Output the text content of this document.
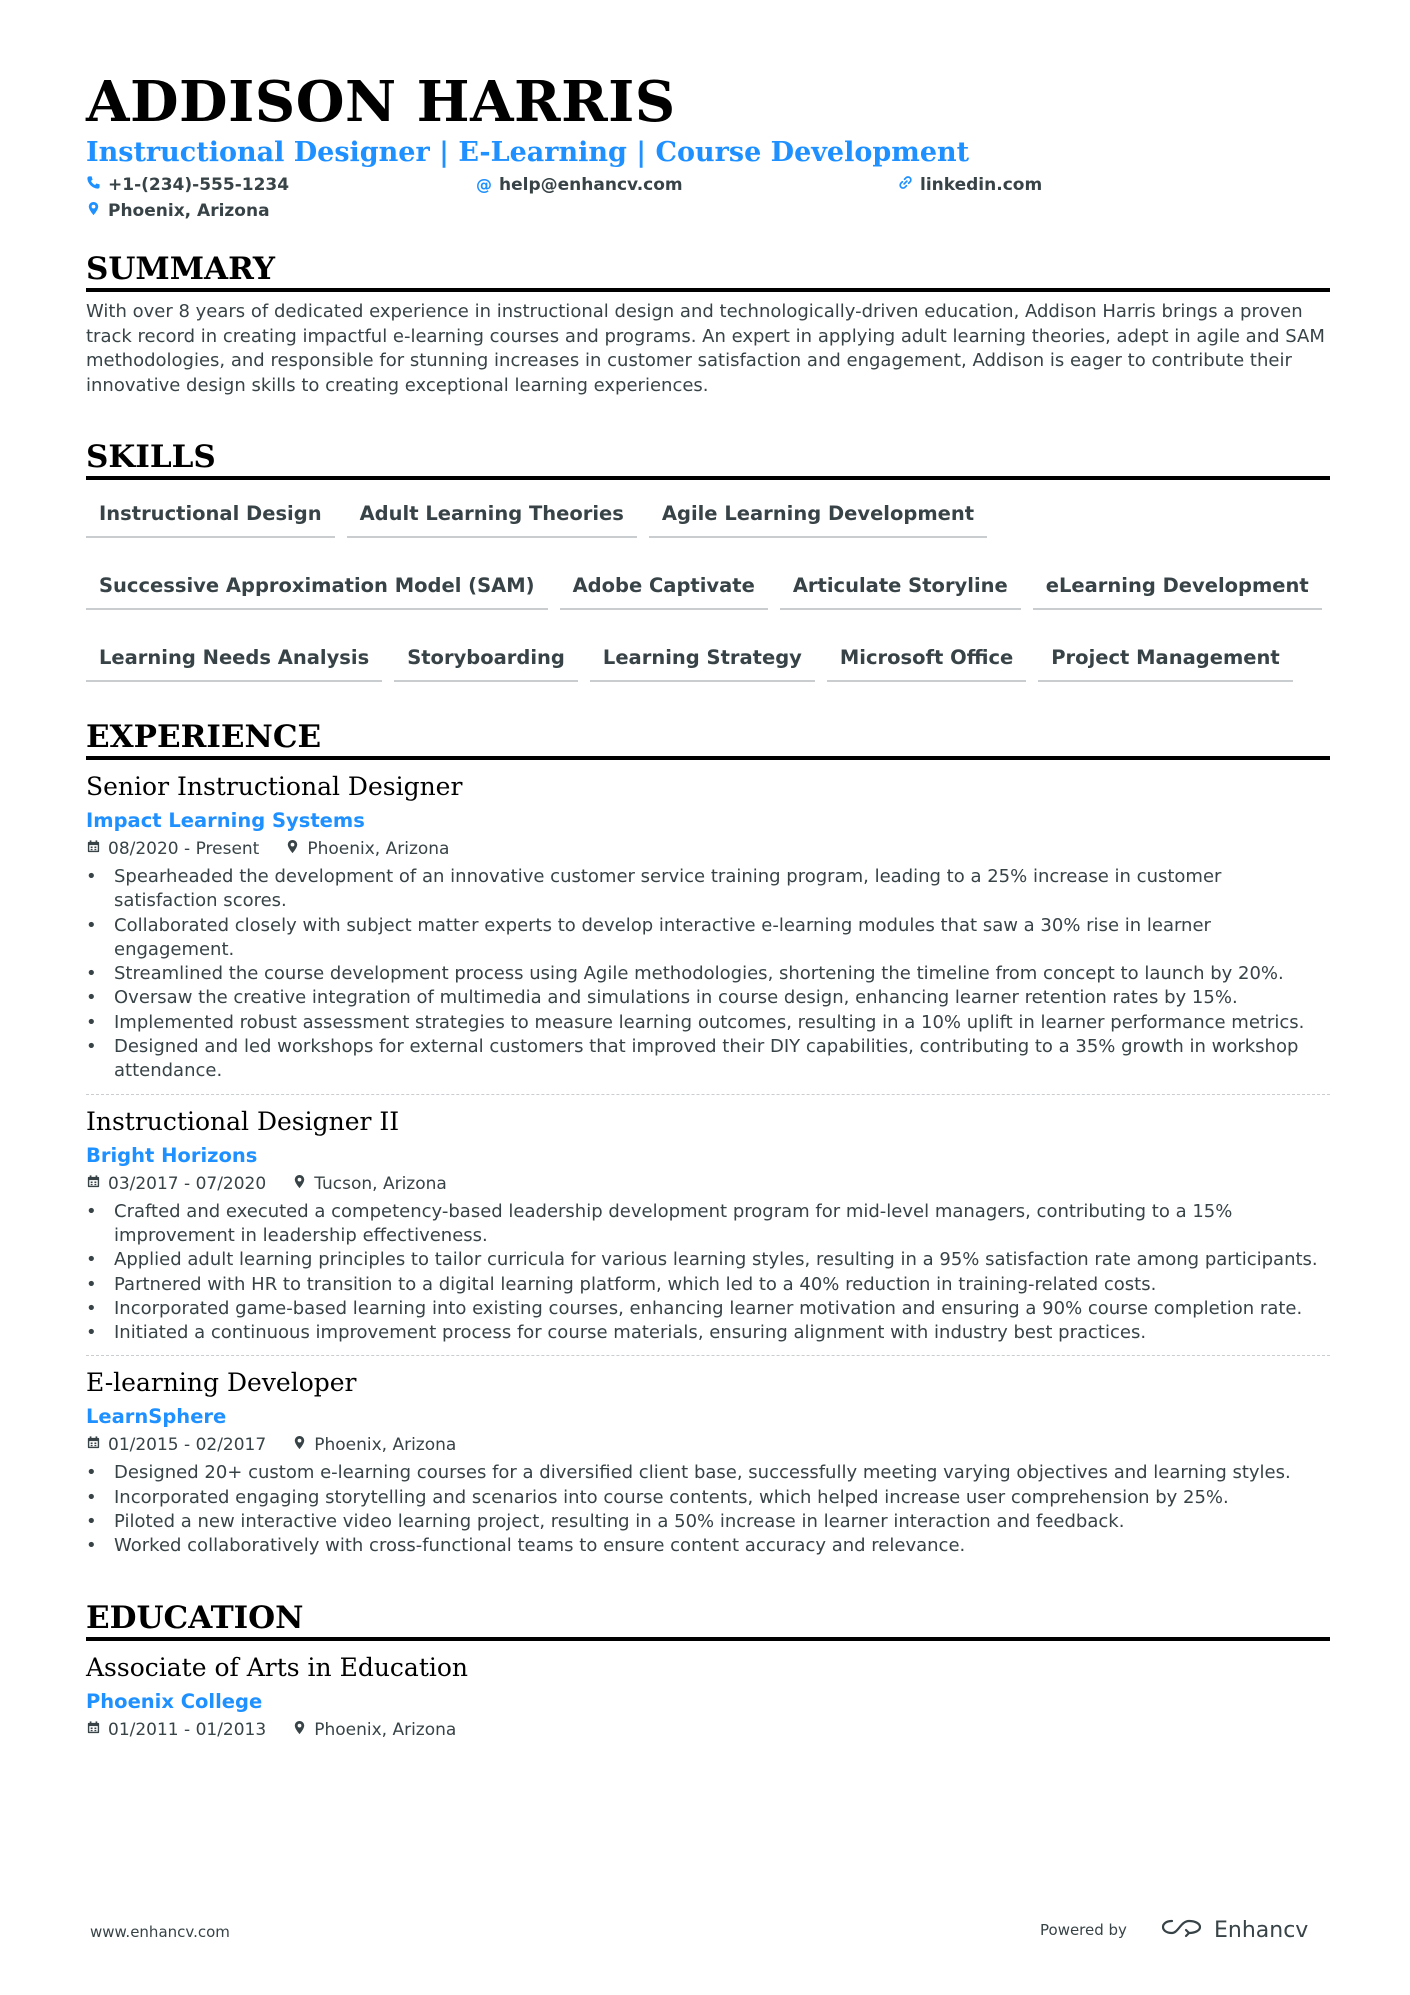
ADDISON HARRIS
Instructional Designer | E-Learning | Course Development
+1-(234)-555-1234	@ help@enhancv.com	linkedin.com
Phoenix, Arizona
SUMMARY
With over 8 years of dedicated experience in instructional design and technologically-driven education, Addison Harris brings a proven track record in creating impactful e-learning courses and programs. An expert in applying adult learning theories, adept in agile and SAM methodologies, and responsible for stunning increases in customer satisfaction and engagement, Addison is eager to contribute their innovative design skills to creating exceptional learning experiences.
SKILLS
Instructional Design	Adult Learning Theories	Agile Learning Development
Successive Approximation Model (SAM)	Adobe Captivate	Articulate Storyline	eLearning Development
Learning Needs Analysis	Storyboarding	Learning Strategy	Microsoft Office	Project Management
EXPERIENCE
Senior Instructional Designer
Impact Learning Systems
08/2020 - Present	Phoenix, Arizona
• Spearheaded the development of an innovative customer service training program, leading to a 25% increase in customer satisfaction scores.
• Collaborated closely with subject matter experts to develop interactive e-learning modules that saw a 30% rise in learner engagement.
• Streamlined the course development process using Agile methodologies, shortening the timeline from concept to launch by 20%.
• Oversaw the creative integration of multimedia and simulations in course design, enhancing learner retention rates by 15%.
• Implemented robust assessment strategies to measure learning outcomes, resulting in a 10% uplift in learner performance metrics.
• Designed and led workshops for external customers that improved their DIY capabilities, contributing to a 35% growth in workshop attendance.
Instructional Designer II
Bright Horizons
03/2017 - 07/2020	Tucson, Arizona
• Crafted and executed a competency-based leadership development program for mid-level managers, contributing to a 15% improvement in leadership effectiveness.
• Applied adult learning principles to tailor curricula for various learning styles, resulting in a 95% satisfaction rate among participants.
• Partnered with HR to transition to a digital learning platform, which led to a 40% reduction in training-related costs.
• Incorporated game-based learning into existing courses, enhancing learner motivation and ensuring a 90% course completion rate.
• Initiated a continuous improvement process for course materials, ensuring alignment with industry best practices.
E-learning Developer
LearnSphere
01/2015 - 02/2017	Phoenix, Arizona
• Designed 20+ custom e-learning courses for a diversified client base, successfully meeting varying objectives and learning styles.
• Incorporated engaging storytelling and scenarios into course contents, which helped increase user comprehension by 25%.
• Piloted a new interactive video learning project, resulting in a 50% increase in learner interaction and feedback.
• Worked collaboratively with cross-functional teams to ensure content accuracy and relevance.
EDUCATION
Associate of Arts in Education
Phoenix College
01/2011 - 01/2013	Phoenix, Arizona
www.enhancv.com	Powered by	Enhancv
